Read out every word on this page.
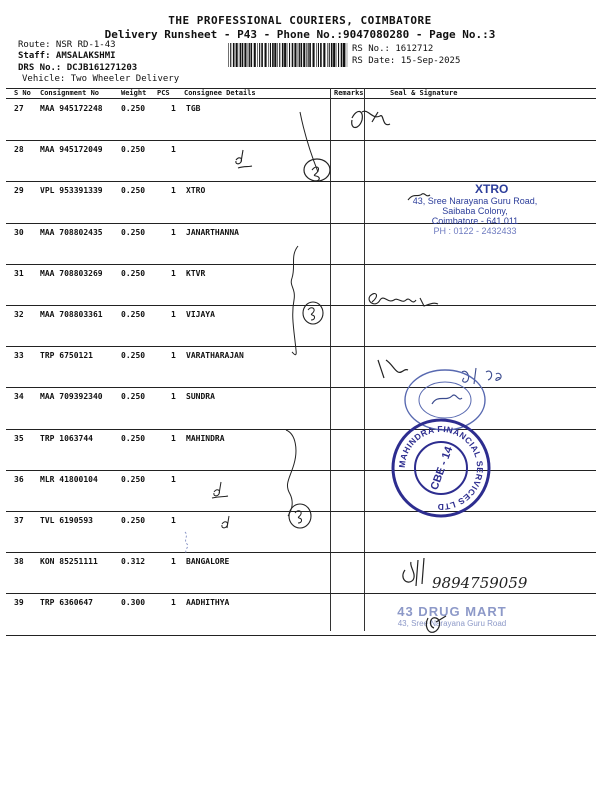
THE PROFESSIONAL COURIERS, COIMBATORE
Delivery Runsheet - P43 - Phone No.:9047080280 - Page No.:3
Route: NSR RD-1-43
Staff: AMSALAKSHMI
DRS No.: DCJB161271203
Vehicle: Two Wheeler Delivery
RS No.: 1612712
RS Date: 15-Sep-2025
S No Consignment No	Weight PCS Consignee Details	Remarks	Seal & Signature
27 MAA 945172248 0.250	1 TGB
28 MAA 945172049 0.250	1
29 VPL 953391339 0.250	1 XTRO
30 MAA 708802435 0.250	1 JANARTHANNA
31 MAA 708803269 0.250	1 KTVR
32 MAA 708803361 0.250	1 VIJAYA
33 TRP 6750121	0.250	1 VARATHARAJAN
34 MAA 709392340 0.250	1 SUNDRA
35 TRP 1063744	0.250	1 MAHINDRA
36 MLR 41800104	0.250	1
37 TVL 6190593	0.250	1
38 KON 85251111	0.312	1 BANGALORE
39 TRP 6360647	0.300	1 AADHITHYA
XTRO
43, Sree Narayana Guru Road,
Saibaba Colony,
Coimbatore - 641 011
PH : 0122 - 2432433
43 DRUG MART
43, Sree Narayana Guru Road
MAHINDRA FINANCIAL SERVICES LTD
CBE - 14
9894759059
